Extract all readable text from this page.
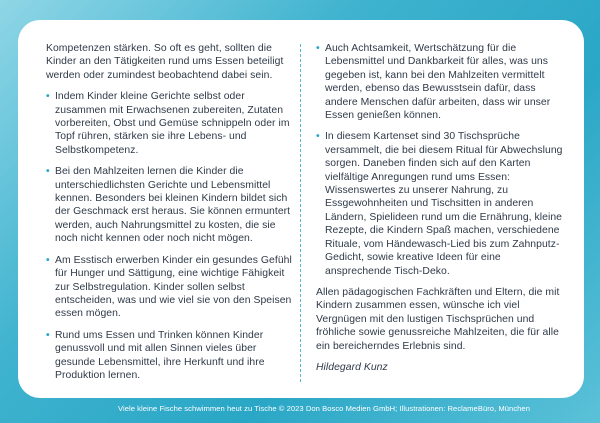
Kompetenzen stärken. So oft es geht, sollten die Kinder an den Tätigkeiten rund ums Essen beteiligt werden oder zumindest beobachtend dabei sein.

• Indem Kinder kleine Gerichte selbst oder zusammen mit Erwachsenen zubereiten, Zutaten vorbereiten, Obst und Gemüse schnippeln oder im Topf rühren, stärken sie ihre Lebens- und Selbstkompetenz.

• Bei den Mahlzeiten lernen die Kinder die unterschiedlichsten Gerichte und Lebensmittel kennen. Besonders bei kleinen Kindern bildet sich der Geschmack erst heraus. Sie können ermuntert werden, auch Nahrungsmittel zu kosten, die sie noch nicht kennen oder noch nicht mögen.

• Am Esstisch erwerben Kinder ein gesundes Gefühl für Hunger und Sättigung, eine wichtige Fähigkeit zur Selbstregulation. Kinder sollen selbst entscheiden, was und wie viel sie von den Speisen essen mögen.

• Rund ums Essen und Trinken können Kinder genussvoll und mit allen Sinnen vieles über gesunde Lebensmittel, ihre Herkunft und ihre Produktion lernen.

• Auch Achtsamkeit, Wertschätzung für die Lebensmittel und Dankbarkeit für alles, was uns gegeben ist, kann bei den Mahlzeiten vermittelt werden, ebenso das Bewusstsein dafür, dass andere Menschen dafür arbeiten, dass wir unser Essen genießen können.

• In diesem Kartenset sind 30 Tischsprüche versammelt, die bei diesem Ritual für Abwechslung sorgen. Daneben finden sich auf den Karten vielfältige Anregungen rund ums Essen: Wissenswertes zu unserer Nahrung, zu Essgewohnheiten und Tischsitten in anderen Ländern, Spielideen rund um die Ernährung, kleine Rezepte, die Kindern Spaß machen, verschiedene Rituale, vom Händewasch-Lied bis zum Zahnputz-Gedicht, sowie kreative Ideen für eine ansprechende Tisch-Deko.

Allen pädagogischen Fachkräften und Eltern, die mit Kindern zusammen essen, wünsche ich viel Vergnügen mit den lustigen Tischsprüchen und fröhliche sowie genussreiche Mahlzeiten, die für alle ein bereicherndes Erlebnis sind.

Hildegard Kunz

Viele kleine Fische schwimmen heut zu Tische © 2023 Don Bosco Medien GmbH; Illustrationen: ReclameBüro, München
